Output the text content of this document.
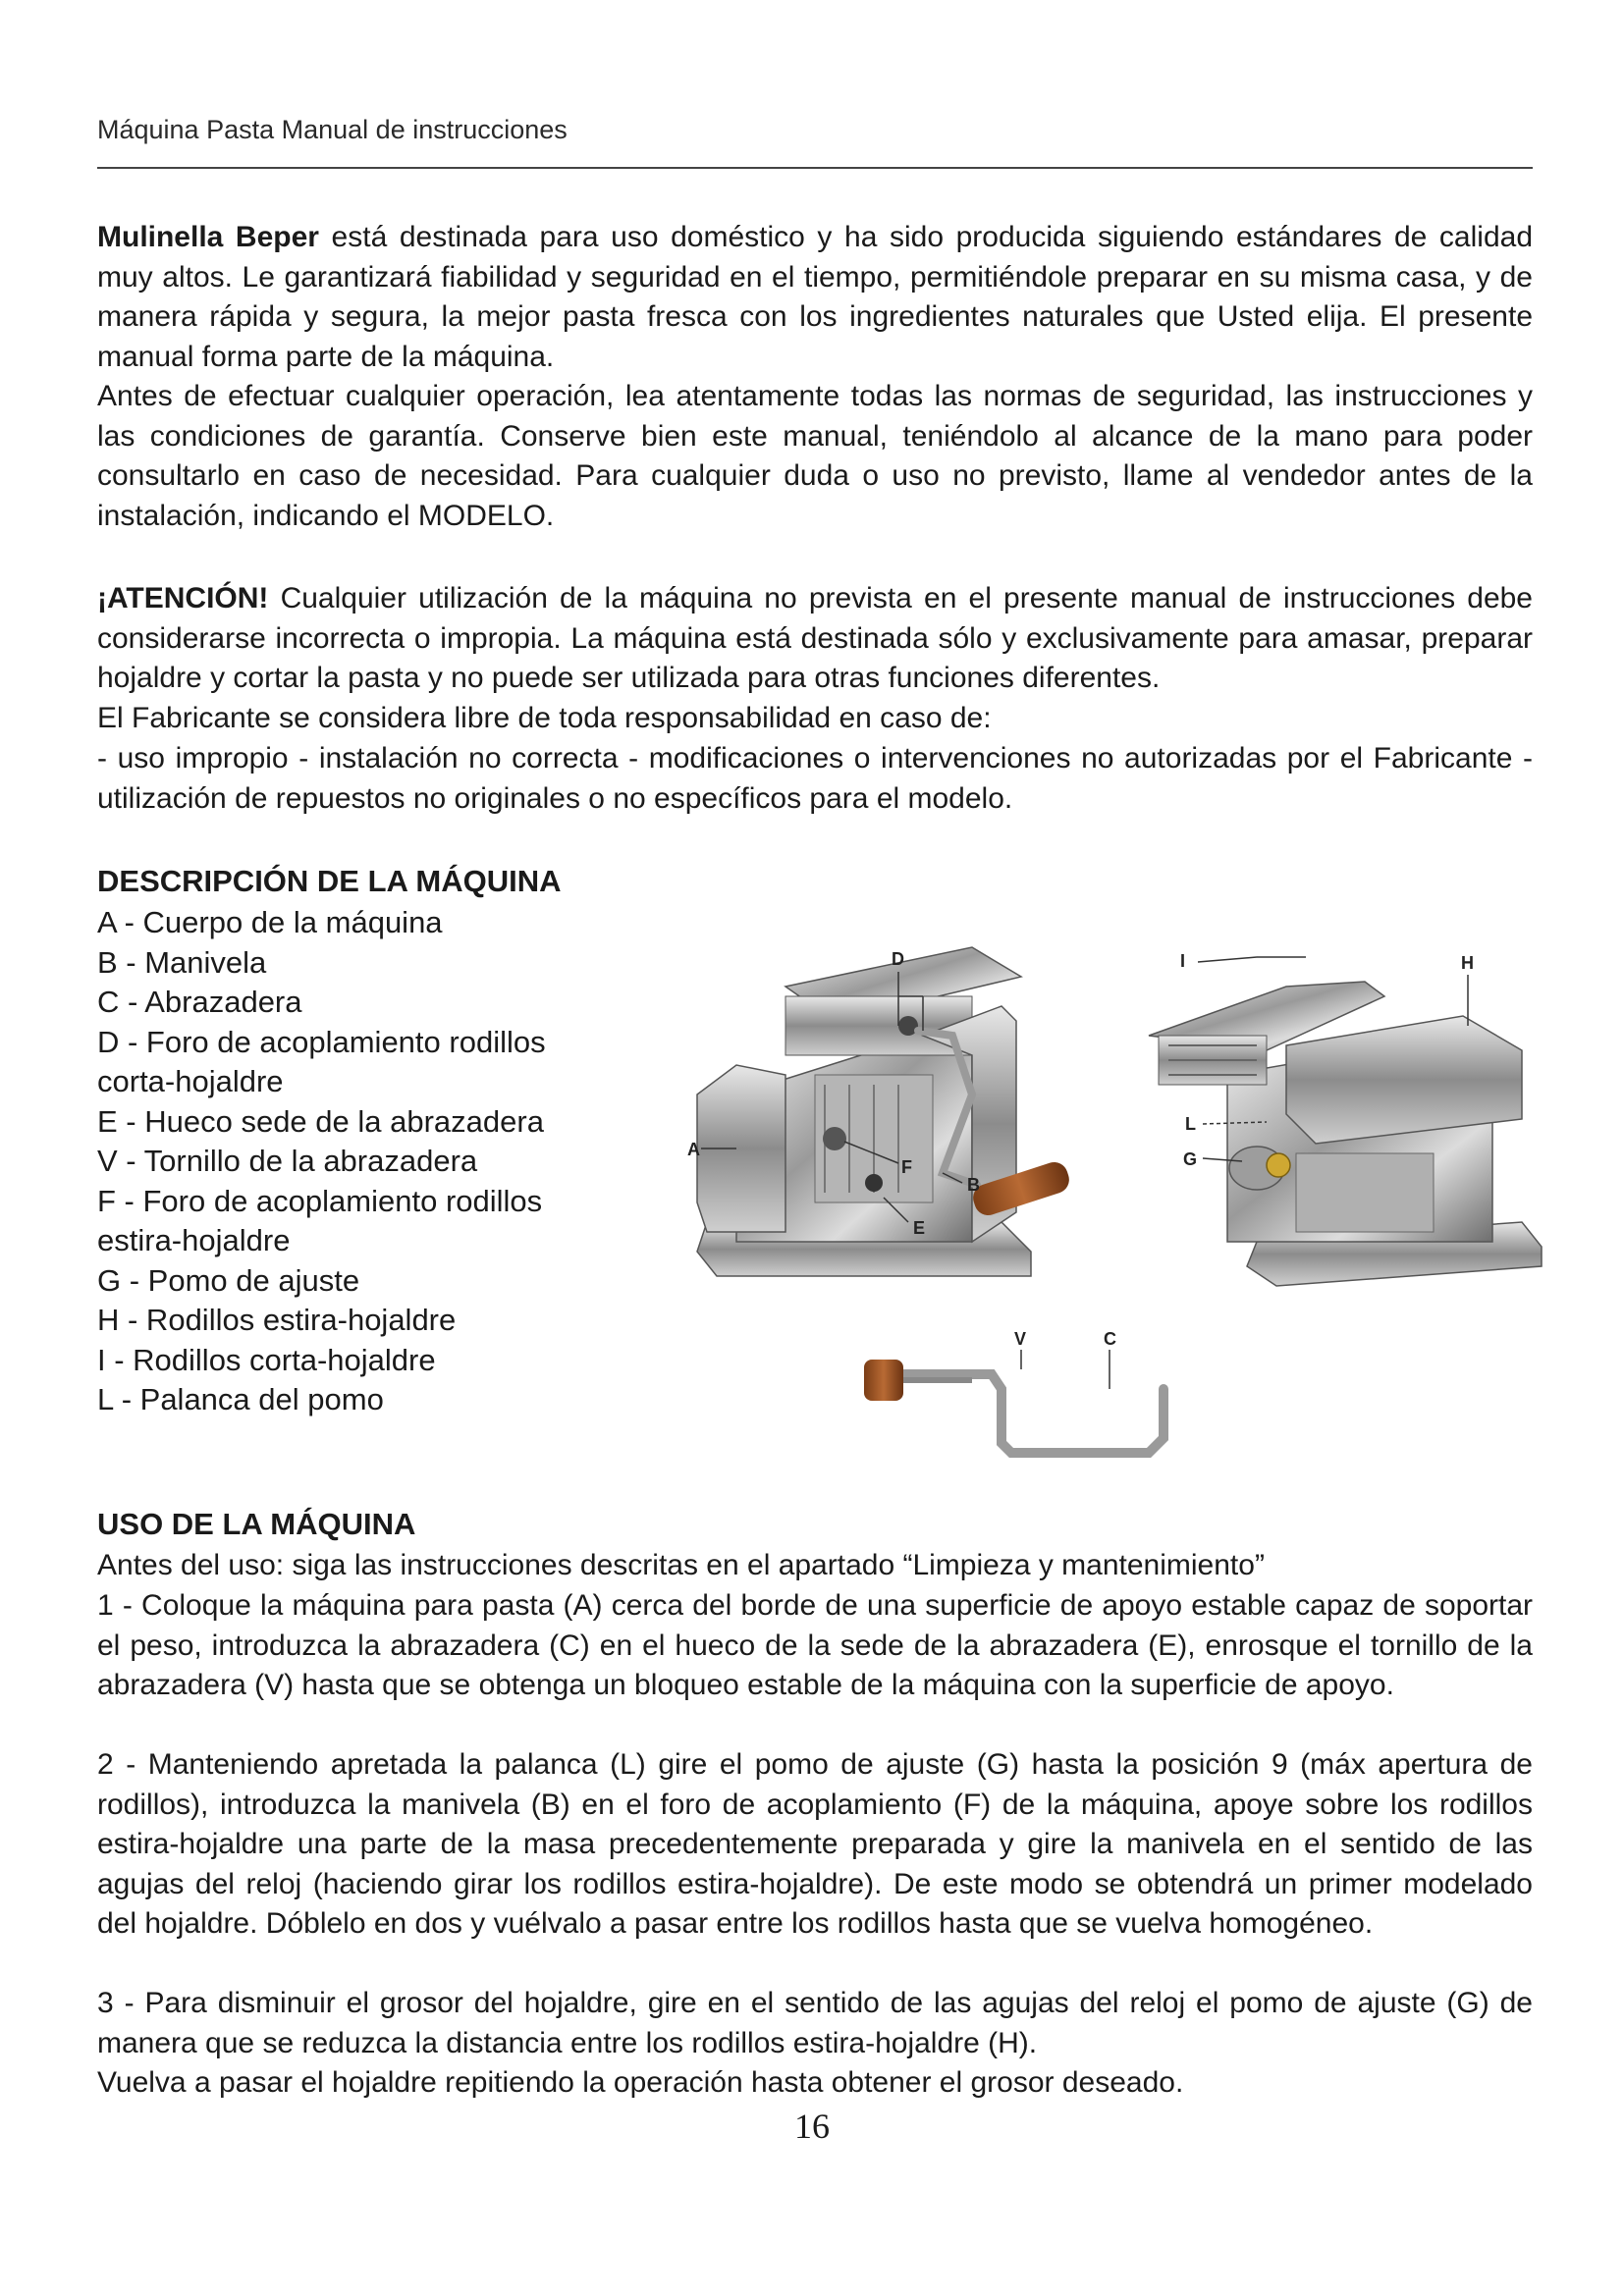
Máquina Pasta Manual de instrucciones

Mulinella Beper está destinada para uso doméstico y ha sido producida siguiendo estándares de calidad muy altos. Le garantizará fiabilidad y seguridad en el tiempo, permitiéndole preparar en su misma casa, y de manera rápida y segura, la mejor pasta fresca con los ingredientes naturales que Usted elija. El presente manual forma parte de la máquina.

Antes de efectuar cualquier operación, lea atentamente todas las normas de seguridad, las instrucciones y las condiciones de garantía. Conserve bien este manual, teniéndolo al alcance de la mano para poder consultarlo en caso de necesidad. Para cualquier duda o uso no previsto, llame al vendedor antes de la instalación, indicando el MODELO.

¡ATENCIÓN! Cualquier utilización de la máquina no prevista en el presente manual de instrucciones debe considerarse incorrecta o impropia. La máquina está destinada sólo y exclusivamente para amasar, preparar hojaldre y cortar la pasta y no puede ser utilizada para otras funciones diferentes.

El Fabricante se considera libre de toda responsabilidad en caso de:

- uso impropio - instalación no correcta - modificaciones o intervenciones no autorizadas por el Fabricante - utilización de repuestos no originales o no específicos para el modelo.

DESCRIPCIÓN DE LA MÁQUINA
A - Cuerpo de la máquina
B - Manivela
C - Abrazadera
D - Foro de acoplamiento rodillos corta-hojaldre
E - Hueco sede de la abrazadera
V - Tornillo de la abrazadera
F - Foro de acoplamiento rodillos estira-hojaldre
G - Pomo de ajuste
H - Rodillos estira-hojaldre
I - Rodillos corta-hojaldre
L - Palanca del pomo
A
B
C
D
E
F	G
H
I
L
V
USO DE LA MÁQUINA

Antes del uso: siga las instrucciones descritas en el apartado “Limpieza y mantenimiento”

1 - Coloque la máquina para pasta (A) cerca del borde de una superficie de apoyo estable capaz de soportar el peso, introduzca la abrazadera (C) en el hueco de la sede de la abrazadera (E), enrosque el tornillo de la abrazadera (V) hasta que se obtenga un bloqueo estable de la máquina con la superficie de apoyo.

2 - Manteniendo apretada la palanca (L) gire el pomo de ajuste (G) hasta la posición 9 (máx apertura de rodillos), introduzca la manivela (B) en el foro de acoplamiento (F) de la máquina, apoye sobre los rodillos estira-hojaldre una parte de la masa precedentemente preparada y gire la manivela en el sentido de las agujas del reloj (haciendo girar los rodillos estira-hojaldre). De este modo se obtendrá un primer modelado del hojaldre. Dóblelo en dos y vuélvalo a pasar entre los rodillos hasta que se vuelva homogéneo.

3 - Para disminuir el grosor del hojaldre, gire en el sentido de las agujas del reloj el pomo de ajuste (G) de manera que se reduzca la distancia entre los rodillos estira-hojaldre (H).

Vuelva a pasar el hojaldre repitiendo la operación hasta obtener el grosor deseado.

16
